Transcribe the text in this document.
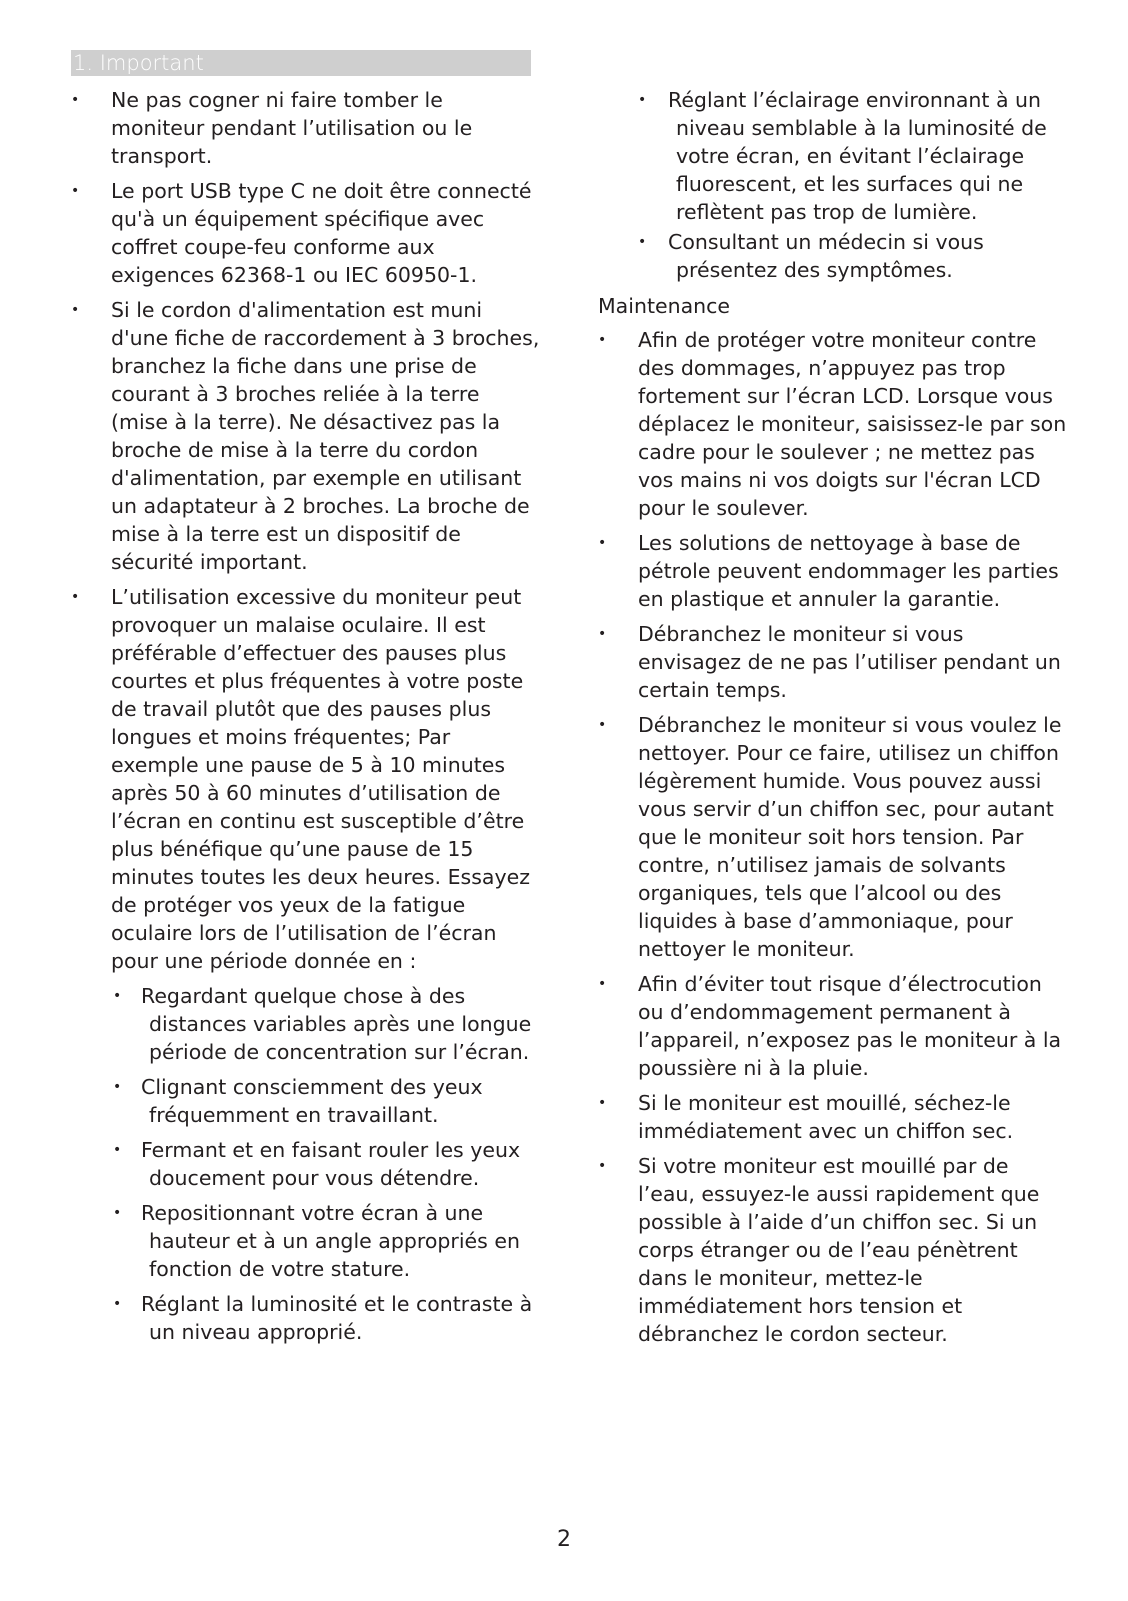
1. Important
• Ne pas cogner ni faire tomber le moniteur pendant l’utilisation ou le transport.
• Le port USB type C ne doit être connecté qu'à un équipement spécifique avec coffret coupe-feu conforme aux exigences 62368-1 ou IEC 60950-1.
• Si le cordon d'alimentation est muni d'une fiche de raccordement à 3 broches, branchez la fiche dans une prise de courant à 3 broches reliée à la terre (mise à la terre). Ne désactivez pas la broche de mise à la terre du cordon d'alimentation, par exemple en utilisant un adaptateur à 2 broches. La broche de mise à la terre est un dispositif de sécurité important.
• L’utilisation excessive du moniteur peut provoquer un malaise oculaire. Il est préférable d’effectuer des pauses plus courtes et plus fréquentes à votre poste de travail plutôt que des pauses plus longues et moins fréquentes; Par exemple une pause de 5 à 10 minutes après 50 à 60 minutes d’utilisation de l’écran en continu est susceptible d’être plus bénéfique qu’une pause de 15 minutes toutes les deux heures. Essayez de protéger vos yeux de la fatigue oculaire lors de l’utilisation de l’écran pour une période donnée en :
• Regardant quelque chose à des distances variables après une longue période de concentration sur l’écran.
• Clignant consciemment des yeux fréquemment en travaillant.
• Fermant et en faisant rouler les yeux doucement pour vous détendre.
• Repositionnant votre écran à une hauteur et à un angle appropriés en fonction de votre stature.
• Réglant la luminosité et le contraste à un niveau approprié.
• Réglant l’éclairage environnant à un niveau semblable à la luminosité de votre écran, en évitant l’éclairage fluorescent, et les surfaces qui ne reflètent pas trop de lumière.
• Consultant un médecin si vous présentez des symptômes.
Maintenance
• Afin de protéger votre moniteur contre des dommages, n’appuyez pas trop fortement sur l’écran LCD. Lorsque vous déplacez le moniteur, saisissez-le par son cadre pour le soulever ; ne mettez pas vos mains ni vos doigts sur l'écran LCD pour le soulever.
• Les solutions de nettoyage à base de pétrole peuvent endommager les parties en plastique et annuler la garantie.
• Débranchez le moniteur si vous envisagez de ne pas l’utiliser pendant un certain temps.
• Débranchez le moniteur si vous voulez le nettoyer. Pour ce faire, utilisez un chiffon légèrement humide. Vous pouvez aussi vous servir d’un chiffon sec, pour autant que le moniteur soit hors tension. Par contre, n’utilisez jamais de solvants organiques, tels que l’alcool ou des liquides à base d’ammoniaque, pour nettoyer le moniteur.
• Afin d’éviter tout risque d’électrocution ou d’endommagement permanent à l’appareil, n’exposez pas le moniteur à la poussière ni à la pluie.
• Si le moniteur est mouillé, séchez-le immédiatement avec un chiffon sec.
• Si votre moniteur est mouillé par de l’eau, essuyez-le aussi rapidement que possible à l’aide d’un chiffon sec. Si un corps étranger ou de l’eau pénètrent dans le moniteur, mettez-le immédiatement hors tension et débranchez le cordon secteur.
2
